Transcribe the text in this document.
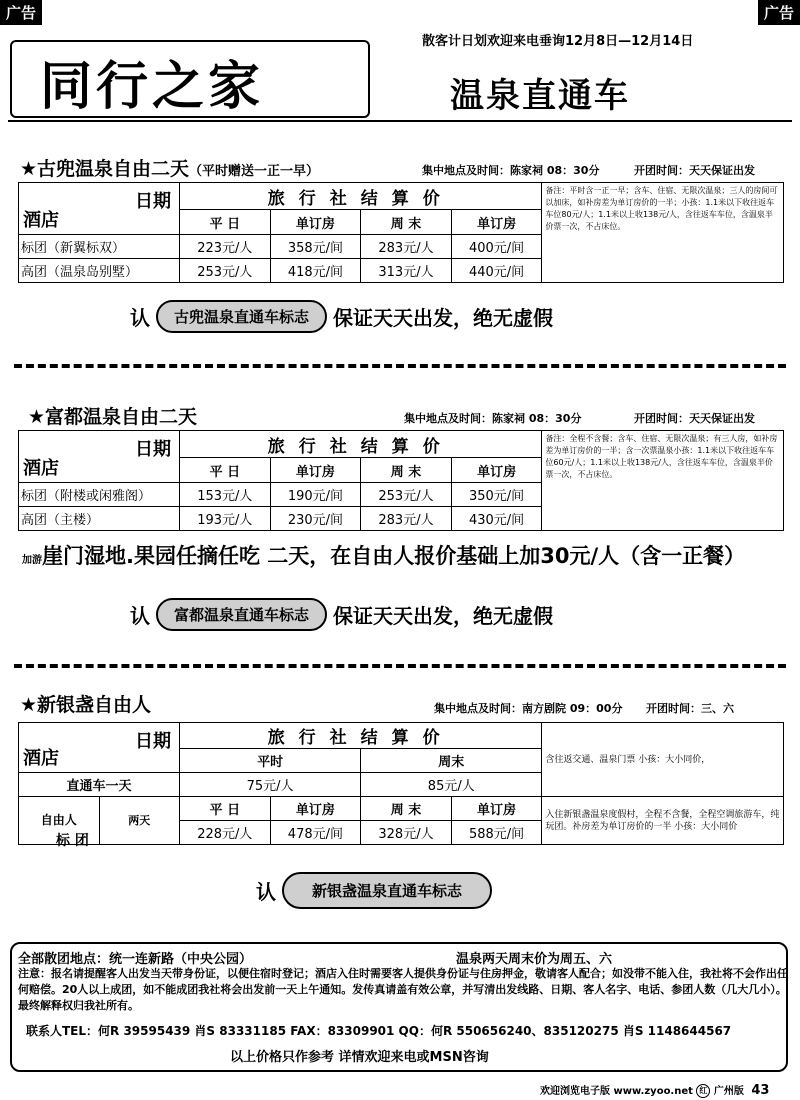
广告	广告
同行之家
散客计日划欢迎来电垂询12月8日—12月14日
温泉直通车
★古兜温泉自由二天（平时赠送一正一早）	集中地点及时间：陈家祠 08：30分	开团时间：天天保证出发
日期
酒店	旅行社结算价				备注：平时含一正一早；含车、住宿、无限次温泉；三人的房间可以加床，如补房差为单订房价的一半；小孩：1.1米以下收往返车车位80元/人；1.1米以上收138元/人，含往返车车位，含温泉半价票一次，不占床位。
	平 日	单订房	周 末	单订房	
标团（新翼标双）	223元/人	358元/间	283元/人	400元/间	
高团（温泉岛别墅）	253元/人	418元/间	313元/人	440元/间	
认	古兜温泉直通车标志	保证天天出发，绝无虚假
★富都温泉自由二天	集中地点及时间：陈家祠 08：30分	开团时间：天天保证出发
日期
酒店	旅行社结算价				备注：全程不含餐；含车、住宿、无限次温泉；有三人房，如补房差为单订房价的一半；含一次票温泉小孩：1.1米以下收往返车车位60元/人；1.1米以上收138元/人，含往返车车位，含温泉半价票一次，不占床位。
	平 日	单订房	周 末	单订房	
标团（附楼或闲雅阁）	153元/人	190元/间	253元/人	350元/间	
高团（主楼）	193元/人	230元/间	283元/人	430元/间	
加游崖门湿地.果园任摘任吃 二天，在自由人报价基础上加30元/人（含一正餐）
认	富都温泉直通车标志	保证天天出发，绝无虚假
★新银盏自由人	集中地点及时间：南方剧院 09：00分 开团时间：三、六
日期
酒店		旅行社结算价				含往返交通、温泉门票 小孩：大小同价，
		平时		周末		
直通车一天		75元/人		85元/人		
自由人	两天	平 日	单订房	周 末	单订房	入住新银盏温泉度假村，全程不含餐，全程空调旅游车，纯玩团。补房差为单订房价的一半 小孩：大小同价
		228元/人	478元/间	328元/人	588元/间	
标 团
认	新银盏温泉直通车标志
全部散团地点：统一连新路（中央公园）	温泉两天周末价为周五、六
注意：报名请提醒客人出发当天带身份证，以便住宿时登记；酒店入住时需要客人提供身份证与住房押金，敬请客人配合；如没带不能入住，我社将不会作出任何赔偿。20人以上成团，如不能成团我社将会出发前一天上午通知。发传真请盖有效公章，并写清出发线路、日期、客人名字、电话、参团人数（几大几小）。最终解释权归我社所有。
联系人TEL：何R 39595439 肖S 83331185 FAX：83309901 QQ：何R 550656240、835120275 肖S 1148644567
以上价格只作参考 详情欢迎来电或MSN咨询
欢迎浏览电子版 www.zyoo.net 红 广州版 43
